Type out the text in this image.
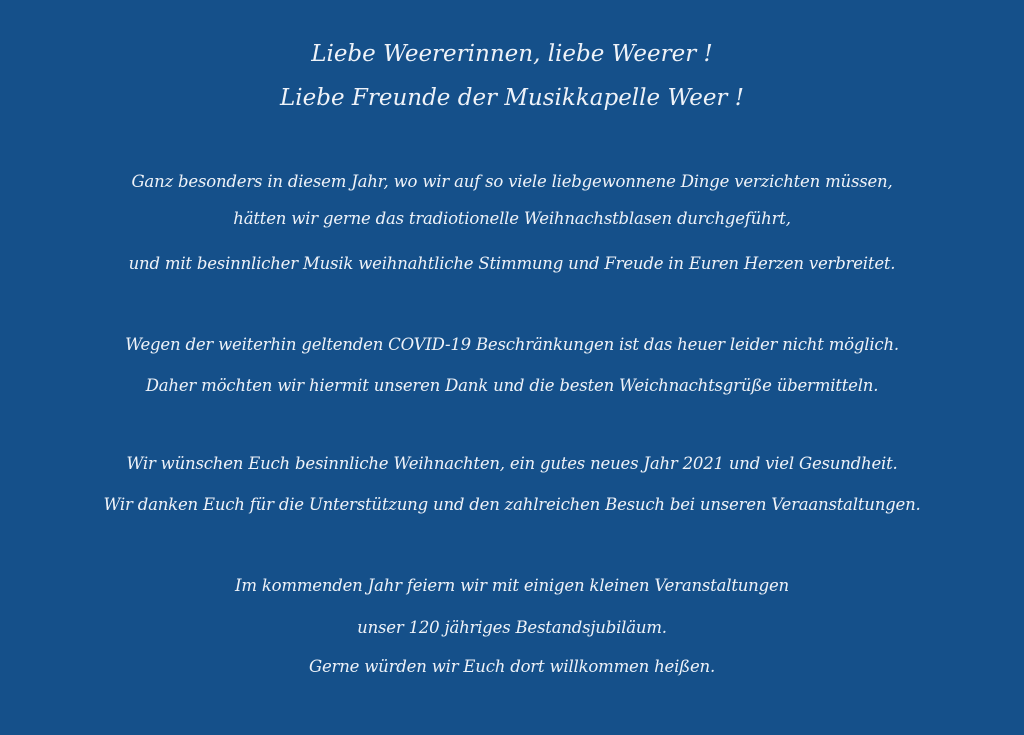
Liebe Weererinnen, liebe Weerer !
Liebe Freunde der Musikkapelle Weer !
Ganz besonders in diesem Jahr, wo wir auf so viele liebgewonnene Dinge verzichten müssen,
hätten wir gerne das tradiotionelle Weihnachstblasen durchgeführt,
und mit besinnlicher Musik weihnahtliche Stimmung und Freude in Euren Herzen verbreitet.
Wegen der weiterhin geltenden COVID-19 Beschränkungen ist das heuer leider nicht möglich.
Daher möchten wir hiermit unseren Dank und die besten Weichnachtsgrüße übermitteln.
Wir wünschen Euch besinnliche Weihnachten, ein gutes neues Jahr 2021 und viel Gesundheit.
Wir danken Euch für die Unterstützung und den zahlreichen Besuch bei unseren Veraanstaltungen.
Im kommenden Jahr feiern wir mit einigen kleinen Veranstaltungen
unser 120 jähriges Bestandsjubiläum.
Gerne würden wir Euch dort willkommen heißen.
